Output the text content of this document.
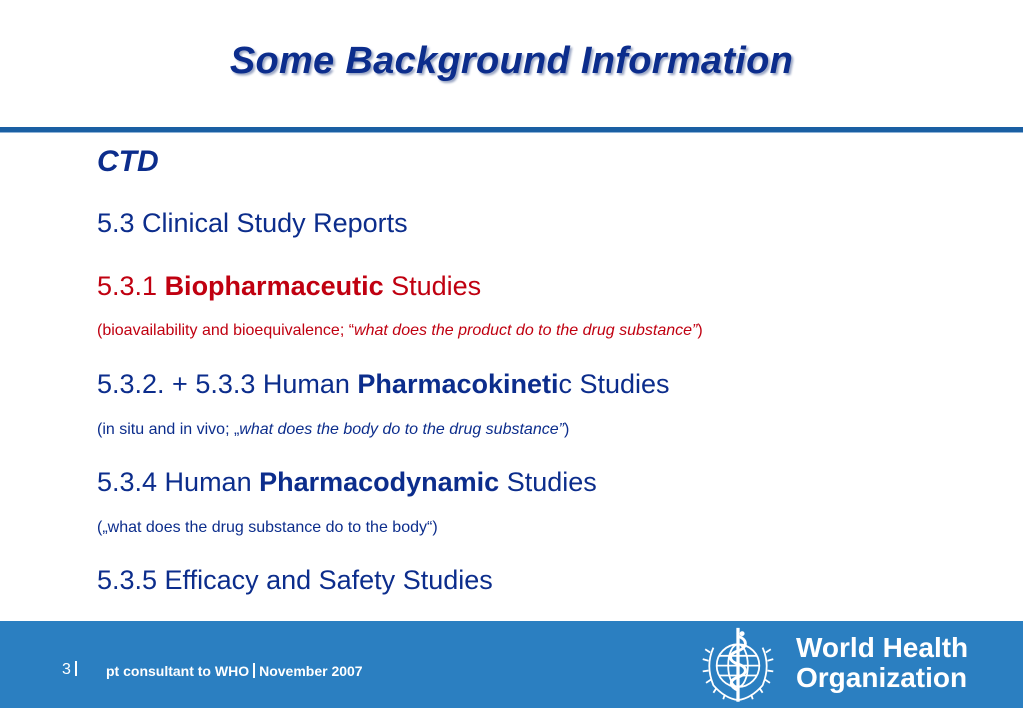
Some Background Information
CTD
5.3 Clinical Study Reports
5.3.1 Biopharmaceutic Studies
(bioavailability and bioequivalence; “what does the product do to the drug substance”)
5.3.2. + 5.3.3 Human Pharmacokinetic Studies
(in situ and in vivo; „what does the body do to the drug substance”)
5.3.4 Human Pharmacodynamic Studies
(„what does the drug substance do to the body“)
5.3.5 Efficacy and Safety Studies
3	pt consultant to WHO November 2007
World Health
Organization
